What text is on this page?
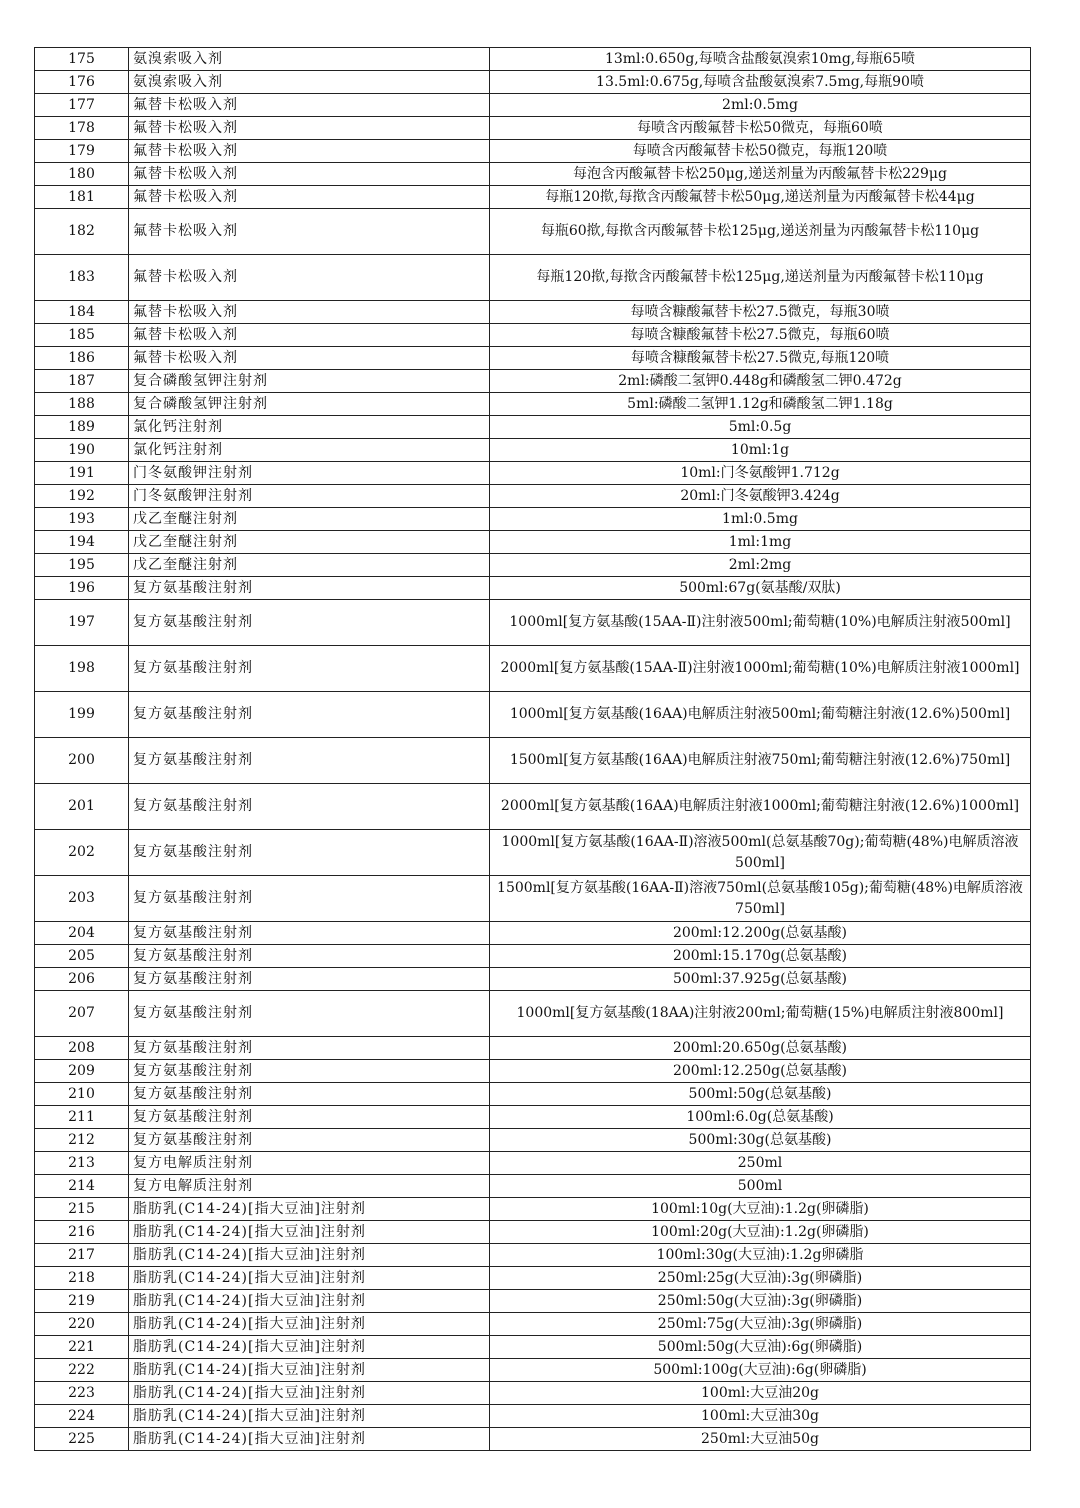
175	氨溴索吸入剂	13ml:0.650g,每喷含盐酸氨溴索10mg,每瓶65喷
176	氨溴索吸入剂	13.5ml:0.675g,每喷含盐酸氨溴索7.5mg,每瓶90喷
177	氟替卡松吸入剂	2ml:0.5mg
178	氟替卡松吸入剂	每喷含丙酸氟替卡松50微克，每瓶60喷
179	氟替卡松吸入剂	每喷含丙酸氟替卡松50微克，每瓶120喷
180	氟替卡松吸入剂	每泡含丙酸氟替卡松250μg,递送剂量为丙酸氟替卡松229μg
181	氟替卡松吸入剂	每瓶120揿,每揿含丙酸氟替卡松50μg,递送剂量为丙酸氟替卡松44μg
182	氟替卡松吸入剂	每瓶60揿,每揿含丙酸氟替卡松125μg,递送剂量为丙酸氟替卡松110μg
183	氟替卡松吸入剂	每瓶120揿,每揿含丙酸氟替卡松125μg,递送剂量为丙酸氟替卡松110μg
184	氟替卡松吸入剂	每喷含糠酸氟替卡松27.5微克，每瓶30喷
185	氟替卡松吸入剂	每喷含糠酸氟替卡松27.5微克，每瓶60喷
186	氟替卡松吸入剂	每喷含糠酸氟替卡松27.5微克,每瓶120喷
187	复合磷酸氢钾注射剂	2ml:磷酸二氢钾0.448g和磷酸氢二钾0.472g
188	复合磷酸氢钾注射剂	5ml:磷酸二氢钾1.12g和磷酸氢二钾1.18g
189	氯化钙注射剂	5ml:0.5g
190	氯化钙注射剂	10ml:1g
191	门冬氨酸钾注射剂	10ml:门冬氨酸钾1.712g
192	门冬氨酸钾注射剂	20ml:门冬氨酸钾3.424g
193	戊乙奎醚注射剂	1ml:0.5mg
194	戊乙奎醚注射剂	1ml:1mg
195	戊乙奎醚注射剂	2ml:2mg
196	复方氨基酸注射剂	500ml:67g(氨基酸/双肽)
197	复方氨基酸注射剂	1000ml[复方氨基酸(15AA-Ⅱ)注射液500ml;葡萄糖(10%)电解质注射液500ml]
198	复方氨基酸注射剂	2000ml[复方氨基酸(15AA-Ⅱ)注射液1000ml;葡萄糖(10%)电解质注射液1000ml]
199	复方氨基酸注射剂	1000ml[复方氨基酸(16AA)电解质注射液500ml;葡萄糖注射液(12.6%)500ml]
200	复方氨基酸注射剂	1500ml[复方氨基酸(16AA)电解质注射液750ml;葡萄糖注射液(12.6%)750ml]
201	复方氨基酸注射剂	2000ml[复方氨基酸(16AA)电解质注射液1000ml;葡萄糖注射液(12.6%)1000ml]
202	复方氨基酸注射剂	1000ml[复方氨基酸(16AA-Ⅱ)溶液500ml(总氨基酸70g);葡萄糖(48%)电解质溶液500ml]
203	复方氨基酸注射剂	1500ml[复方氨基酸(16AA-Ⅱ)溶液750ml(总氨基酸105g);葡萄糖(48%)电解质溶液750ml]
204	复方氨基酸注射剂	200ml:12.200g(总氨基酸)
205	复方氨基酸注射剂	200ml:15.170g(总氨基酸)
206	复方氨基酸注射剂	500ml:37.925g(总氨基酸)
207	复方氨基酸注射剂	1000ml[复方氨基酸(18AA)注射液200ml;葡萄糖(15%)电解质注射液800ml]
208	复方氨基酸注射剂	200ml:20.650g(总氨基酸)
209	复方氨基酸注射剂	200ml:12.250g(总氨基酸)
210	复方氨基酸注射剂	500ml:50g(总氨基酸)
211	复方氨基酸注射剂	100ml:6.0g(总氨基酸)
212	复方氨基酸注射剂	500ml:30g(总氨基酸)
213	复方电解质注射剂	250ml
214	复方电解质注射剂	500ml
215	脂肪乳(C14-24)[指大豆油]注射剂	100ml:10g(大豆油):1.2g(卵磷脂)
216	脂肪乳(C14-24)[指大豆油]注射剂	100ml:20g(大豆油):1.2g(卵磷脂)
217	脂肪乳(C14-24)[指大豆油]注射剂	100ml:30g(大豆油):1.2g卵磷脂
218	脂肪乳(C14-24)[指大豆油]注射剂	250ml:25g(大豆油):3g(卵磷脂)
219	脂肪乳(C14-24)[指大豆油]注射剂	250ml:50g(大豆油):3g(卵磷脂)
220	脂肪乳(C14-24)[指大豆油]注射剂	250ml:75g(大豆油):3g(卵磷脂)
221	脂肪乳(C14-24)[指大豆油]注射剂	500ml:50g(大豆油):6g(卵磷脂)
222	脂肪乳(C14-24)[指大豆油]注射剂	500ml:100g(大豆油):6g(卵磷脂)
223	脂肪乳(C14-24)[指大豆油]注射剂	100ml:大豆油20g
224	脂肪乳(C14-24)[指大豆油]注射剂	100ml:大豆油30g
225	脂肪乳(C14-24)[指大豆油]注射剂	250ml:大豆油50g
